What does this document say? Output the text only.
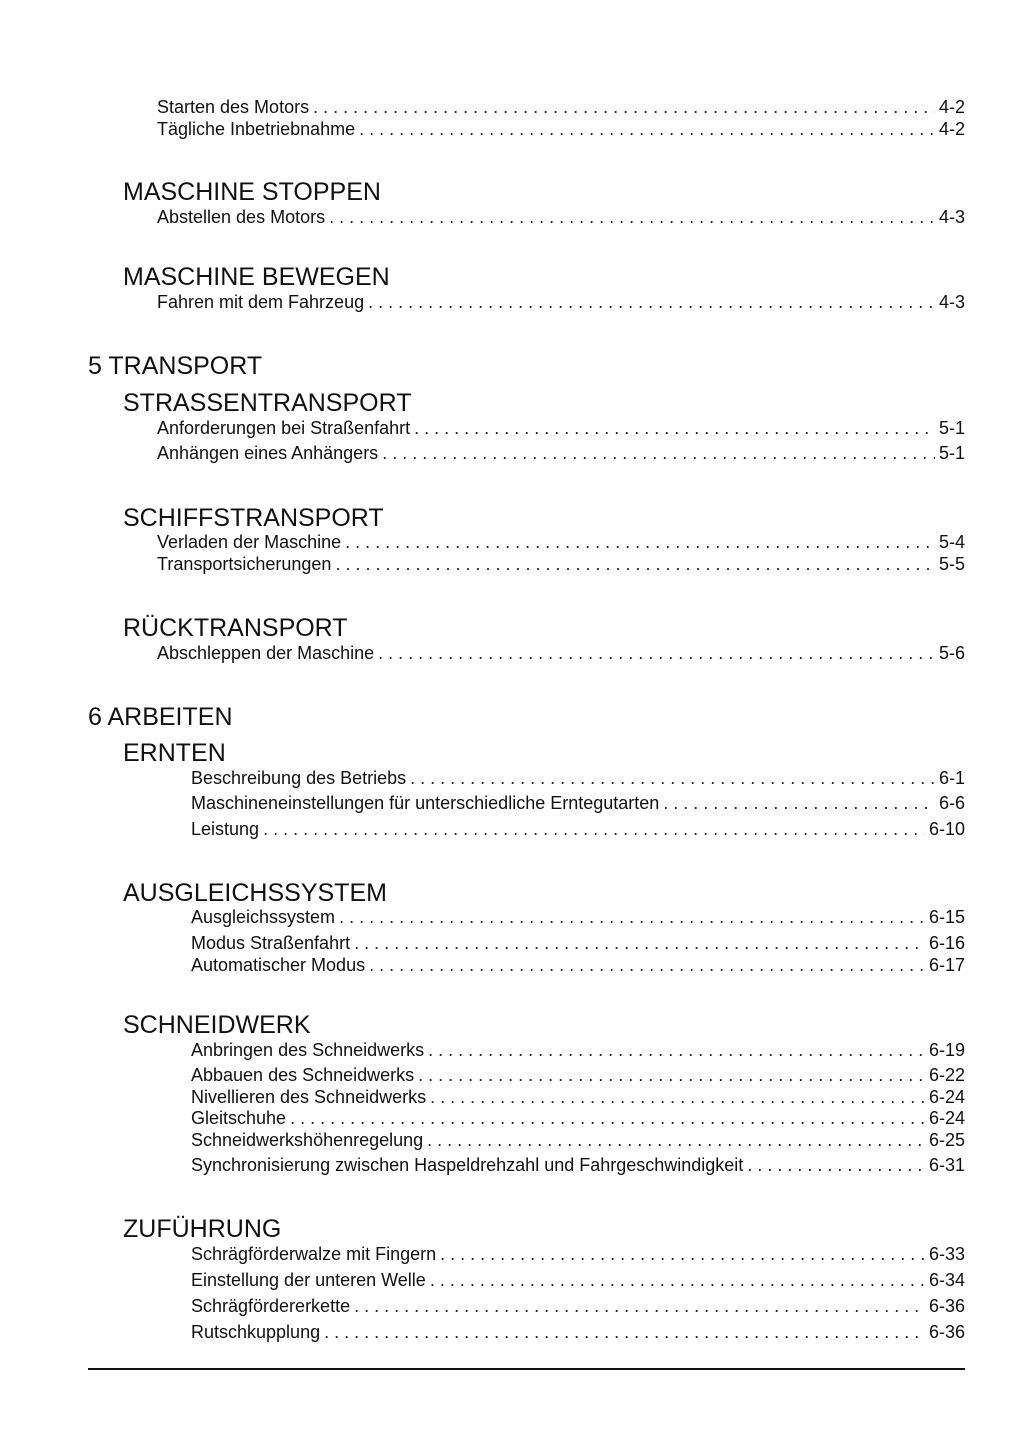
Starten des Motors . . .	4-2
Tägliche Inbetriebnahme . . .	4-2
MASCHINE STOPPEN
Abstellen des Motors . . .	4-3
MASCHINE BEWEGEN
Fahren mit dem Fahrzeug . . .	4-3
5 TRANSPORT
STRASSENTRANSPORT
Anforderungen bei Straßenfahrt . . .	5-1
Anhängen eines Anhängers . . .	5-1
SCHIFFSTRANSPORT
Verladen der Maschine . . .	5-4
Transportsicherungen . . .	5-5
RÜCKTRANSPORT
Abschleppen der Maschine . . .	5-6
6 ARBEITEN
ERNTEN
Beschreibung des Betriebs . . .	6-1
Maschineneinstellungen für unterschiedliche Erntegutarten . . .	6-6
Leistung . . .	6-10
AUSGLEICHSSYSTEM
Ausgleichssystem . . .	6-15
Modus Straßenfahrt . . .	6-16
Automatischer Modus . . .	6-17
SCHNEIDWERK
Anbringen des Schneidwerks . . .	6-19
Abbauen des Schneidwerks . . .	6-22
Nivellieren des Schneidwerks . . .	6-24
Gleitschuhe . . .	6-24
Schneidwerkshöhenregelung . . .	6-25
Synchronisierung zwischen Haspeldrehzahl und Fahrgeschwindigkeit . . .	6-31
ZUFÜHRUNG
Schrägförderwalze mit Fingern . . .	6-33
Einstellung der unteren Welle . . .	6-34
Schrägfördererkette . . .	6-36
Rutschkupplung . . .	6-36
